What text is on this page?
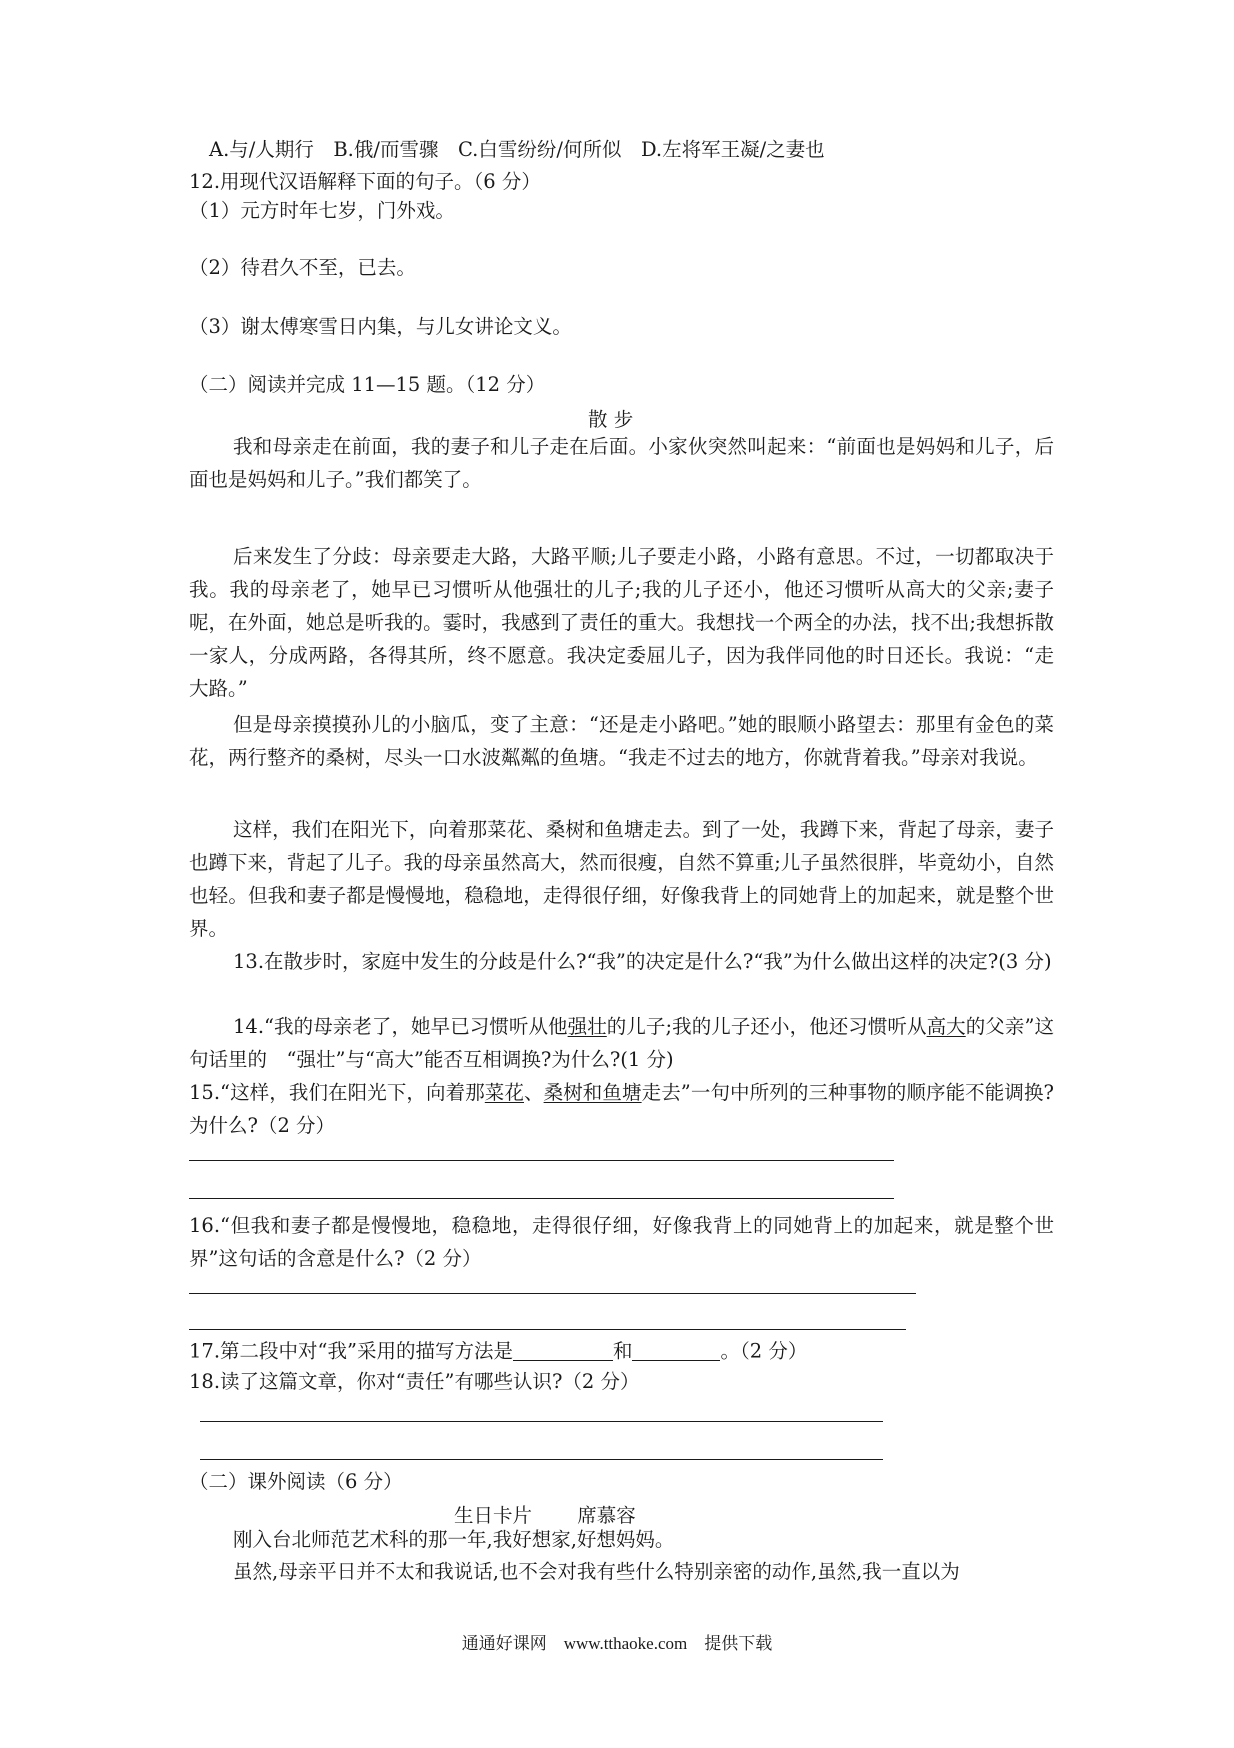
A.与/人期行　B.俄/而雪骤　C.白雪纷纷/何所似　D.左将军王凝/之妻也
12.用现代汉语解释下面的句子。（6 分）
（1）元方时年七岁，门外戏。
（2）待君久不至，已去。
（3）谢太傅寒雪日内集，与儿女讲论文义。
（二）阅读并完成 11—15 题。（12 分）
散 步
我和母亲走在前面，我的妻子和儿子走在后面。小家伙突然叫起来：“前面也是妈妈和儿子，后面也是妈妈和儿子。”我们都笑了。
后来发生了分歧：母亲要走大路，大路平顺;儿子要走小路，小路有意思。不过，一切都取决于我。我的母亲老了，她早已习惯听从他强壮的儿子;我的儿子还小，他还习惯听从高大的父亲;妻子呢，在外面，她总是听我的。霎时，我感到了责任的重大。我想找一个两全的办法，找不出;我想拆散一家人，分成两路，各得其所，终不愿意。我决定委屈儿子，因为我伴同他的时日还长。我说：“走大路。”
但是母亲摸摸孙儿的小脑瓜，变了主意：“还是走小路吧。”她的眼顺小路望去：那里有金色的菜花，两行整齐的桑树，尽头一口水波粼粼的鱼塘。“我走不过去的地方，你就背着我。”母亲对我说。
这样，我们在阳光下，向着那菜花、桑树和鱼塘走去。到了一处，我蹲下来，背起了母亲，妻子也蹲下来，背起了儿子。我的母亲虽然高大，然而很瘦，自然不算重;儿子虽然很胖，毕竟幼小，自然也轻。但我和妻子都是慢慢地，稳稳地，走得很仔细，好像我背上的同她背上的加起来，就是整个世界。
13.在散步时，家庭中发生的分歧是什么?“我”的决定是什么?“我”为什么做出这样的决定?(3 分)
14.“我的母亲老了，她早已习惯听从他强壮的儿子;我的儿子还小，他还习惯听从高大的父亲”这句话里的　“强壮”与“高大”能否互相调换?为什么?(1 分)
15.“这样，我们在阳光下，向着那菜花、桑树和鱼塘走去”一句中所列的三种事物的顺序能不能调换?为什么?（2 分）
16.“但我和妻子都是慢慢地，稳稳地，走得很仔细，好像我背上的同她背上的加起来，就是整个世界”这句话的含意是什么?（2 分）
17.第二段中对“我”采用的描写方法是	和	。（2 分）
18.读了这篇文章，你对“责任”有哪些认识?（2 分）
（二）课外阅读（6 分）
生日卡片　　 席慕容
刚入台北师范艺术科的那一年,我好想家,好想妈妈。
虽然,母亲平日并不太和我说话,也不会对我有些什么特别亲密的动作,虽然,我一直以为
通通好课网　www.tthaoke.com　提供下载
